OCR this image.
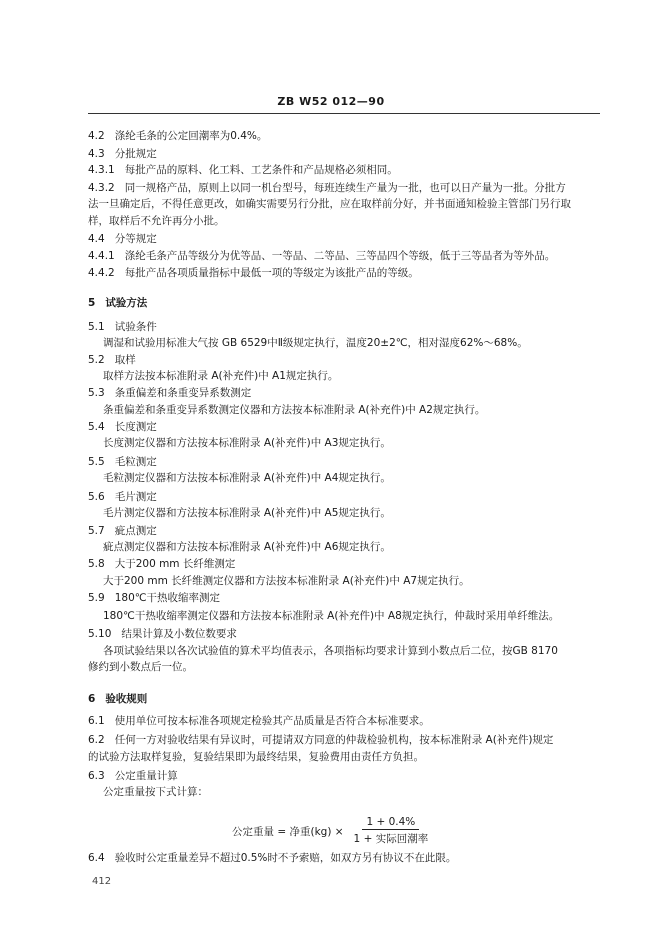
ZB W52 012—90
4.2 涤纶毛条的公定回潮率为0.4%。
4.3 分批规定
4.3.1 每批产品的原料、化工料、工艺条件和产品规格必须相同。
4.3.2 同一规格产品，原则上以同一机台型号，每班连续生产量为一批，也可以日产量为一批。分批方
法一旦确定后，不得任意更改，如确实需要另行分批，应在取样前分好，并书面通知检验主管部门另行取
样，取样后不允许再分小批。
4.4 分等规定
4.4.1 涤纶毛条产品等级分为优等品、一等品、二等品、三等品四个等级，低于三等品者为等外品。
4.4.2 每批产品各项质量指标中最低一项的等级定为该批产品的等级。
5 试验方法
5.1 试验条件
调湿和试验用标准大气按 GB 6529中Ⅱ级规定执行，温度20±2℃，相对湿度62%～68%。
5.2 取样
取样方法按本标准附录 A(补充件)中 A1规定执行。
5.3 条重偏差和条重变异系数测定
条重偏差和条重变异系数测定仪器和方法按本标准附录 A(补充件)中 A2规定执行。
5.4 长度测定
长度测定仪器和方法按本标准附录 A(补充件)中 A3规定执行。
5.5 毛粒测定
毛粒测定仪器和方法按本标准附录 A(补充件)中 A4规定执行。
5.6 毛片测定
毛片测定仪器和方法按本标准附录 A(补充件)中 A5规定执行。
5.7 疵点测定
疵点测定仪器和方法按本标准附录 A(补充件)中 A6规定执行。
5.8 大于200 mm 长纤维测定
大于200 mm 长纤维测定仪器和方法按本标准附录 A(补充件)中 A7规定执行。
5.9 180℃干热收缩率测定
180℃干热收缩率测定仪器和方法按本标准附录 A(补充件)中 A8规定执行，仲裁时采用单纤维法。
5.10 结果计算及小数位数要求
各项试验结果以各次试验值的算术平均值表示，各项指标均要求计算到小数点后二位，按GB 8170
修约到小数点后一位。
6 验收规则
6.1 使用单位可按本标准各项规定检验其产品质量是否符合本标准要求。
6.2 任何一方对验收结果有异议时，可提请双方同意的仲裁检验机构，按本标准附录 A(补充件)规定
的试验方法取样复验，复验结果即为最终结果，复验费用由责任方负担。
6.3 公定重量计算
公定重量按下式计算：
6.4 验收时公定重量差异不超过0.5%时不予索赔，如双方另有协议不在此限。
公定重量 = 净重$(kg) \times \frac{1 + 0.4\%}{\text{1 + 实际回潮率}}$
412
